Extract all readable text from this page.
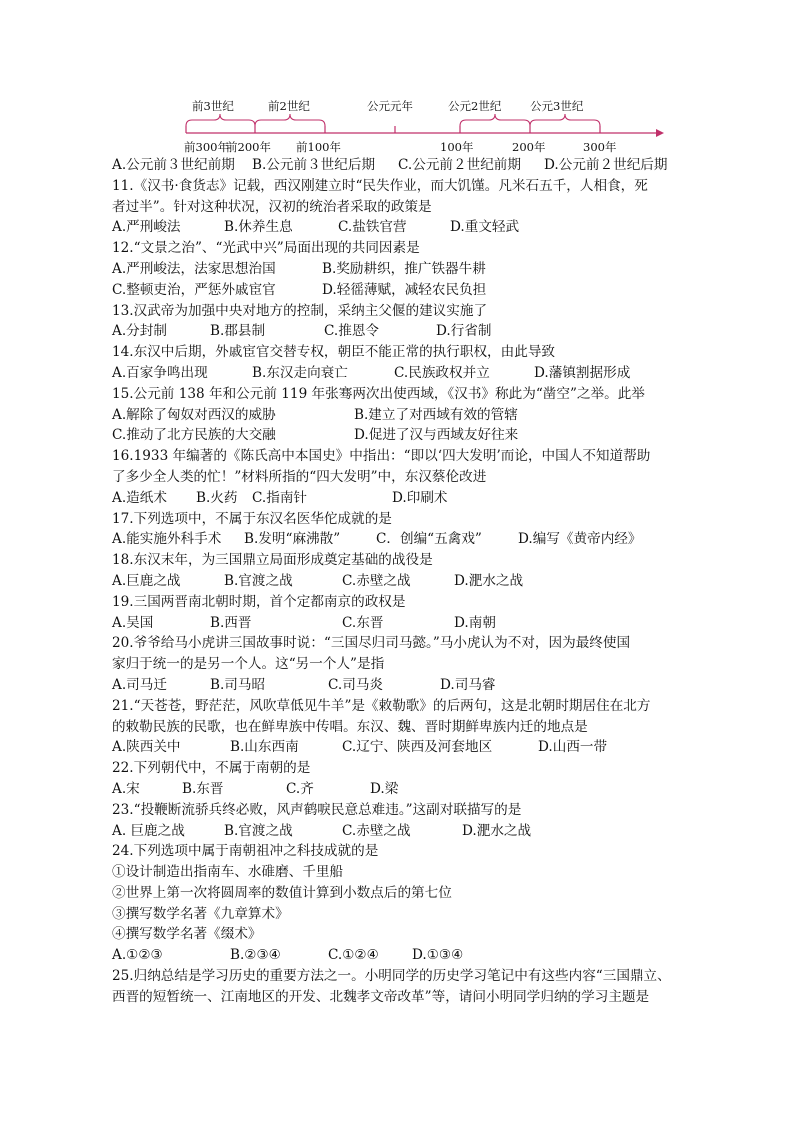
前3世纪	前2世纪	公元元年	公元2世纪 公元3世纪
前300年
前200年 前100年	100年	200年	300年
A.公元前３世纪前期	B.公元前３世纪后期	C.公元前２世纪前期	D.公元前２世纪后期
11.《汉书·食货志》记载，西汉刚建立时“民失作业，而大饥馑。凡米石五千，人相食，死
者过半”。针对这种状况，汉初的统治者采取的政策是
A.严刑峻法	B.休养生息	C.盐铁官营	D.重文轻武
12.“文景之治”、“光武中兴”局面出现的共同因素是
A.严刑峻法，法家思想治国	B.奖励耕织，推广铁器牛耕
C.整顿吏治，严惩外戚宦官	D.轻徭薄赋，减轻农民负担
13.汉武帝为加强中央对地方的控制，采纳主父偃的建议实施了
A.分封制	B.郡县制	C.推恩令	D.行省制
14.东汉中后期，外戚宦官交替专权，朝臣不能正常的执行职权，由此导致
A.百家争鸣出现	B.东汉走向衰亡	C.民族政权并立	D.藩镇割据形成
15.公元前 138 年和公元前 119 年张骞两次出使西域，《汉书》称此为“凿空”之举。此举
A.解除了匈奴对西汉的威胁	B.建立了对西域有效的管辖
C.推动了北方民族的大交融	D.促进了汉与西域友好往来
16.1933 年编著的《陈氏高中本国史》中指出：“即以‘四大发明’而论，中国人不知道帮助
了多少全人类的忙！”材料所指的“四大发明”中，东汉蔡伦改进
A.造纸术	B.火药	C.指南针	D.印刷术
17.下列选项中，不属于东汉名医华佗成就的是
A.能实施外科手术	B.发明“麻沸散”	C．创编“五禽戏”	D.编写《黄帝内经》
18.东汉末年，为三国鼎立局面形成奠定基础的战役是
A.巨鹿之战	B.官渡之战	C.赤壁之战	D.淝水之战
19.三国两晋南北朝时期，首个定都南京的政权是
A.吴国	B.西晋	C.东晋	D.南朝
20.爷爷给马小虎讲三国故事时说：“三国尽归司马懿。”马小虎认为不对，因为最终使国
家归于统一的是另一个人。这“另一个人”是指
A.司马迁	B.司马昭	C.司马炎	D.司马睿
21.“天苍苍，野茫茫，风吹草低见牛羊”是《敕勒歌》的后两句，这是北朝时期居住在北方
的敕勒民族的民歌，也在鲜卑族中传唱。东汉、魏、晋时期鲜卑族内迁的地点是
A.陕西关中	B.山东西南	C.辽宁、陕西及河套地区	D.山西一带
22.下列朝代中，不属于南朝的是
A.宋	B.东晋	C.齐	D.梁
23.“投鞭断流骄兵终必败，风声鹤唳民意总难违。”这副对联描写的是
A. 巨鹿之战	B.官渡之战	C.赤壁之战	D.淝水之战
24.下列选项中属于南朝祖冲之科技成就的是
①设计制造出指南车、水碓磨、千里船
②世界上第一次将圆周率的数值计算到小数点后的第七位
③撰写数学名著《九章算术》
④撰写数学名著《缀术》
A.①②③	B.②③④	C.①②④	D.①③④
25.归纳总结是学习历史的重要方法之一。小明同学的历史学习笔记中有这些内容“三国鼎立、
西晋的短暂统一、江南地区的开发、北魏孝文帝改革”等，请问小明同学归纳的学习主题是
